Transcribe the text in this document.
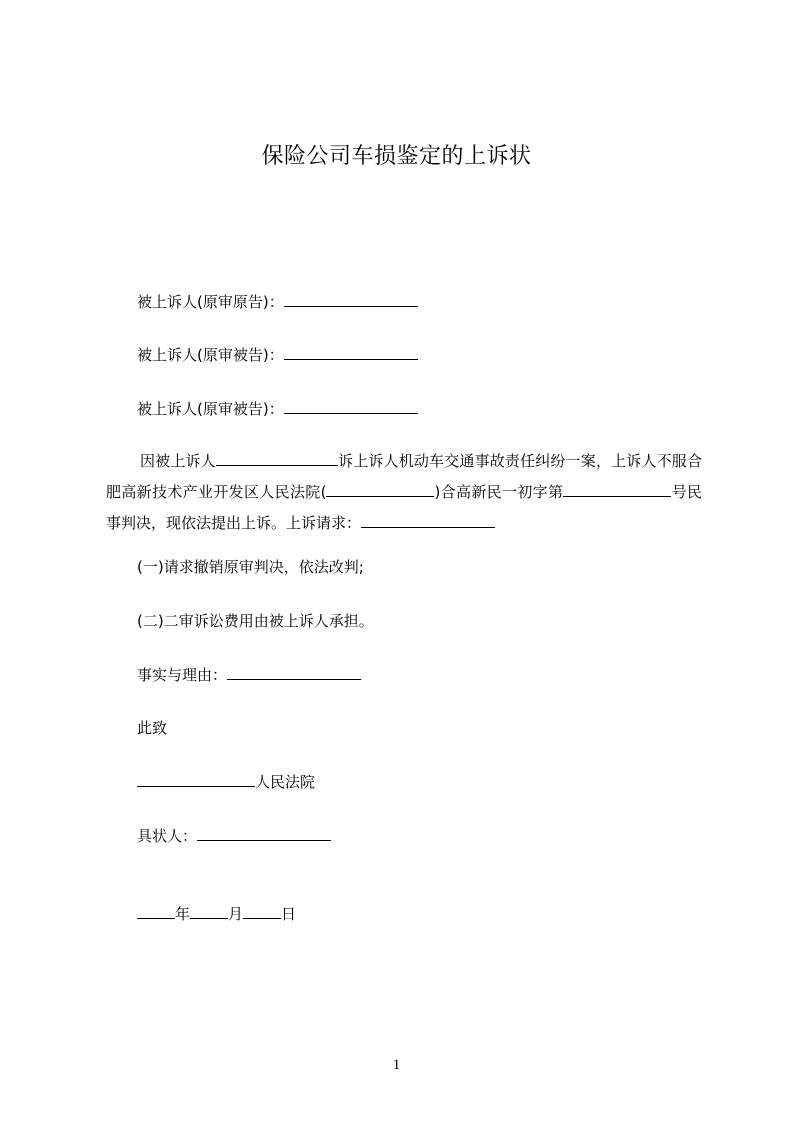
保险公司车损鉴定的上诉状
被上诉人(原审原告)：
被上诉人(原审被告)：
被上诉人(原审被告)：
因被上诉人	诉上诉人机动车交通事故责任纠纷一案，上诉人不服合肥高新技术产业开发区人民法院(	)合高新民一初字第	号民事判决，现依法提出上诉。上诉请求：
(一)请求撤销原审判决，依法改判;
(二)二审诉讼费用由被上诉人承担。
事实与理由：
此致
人民法院
具状人：
年	月	日
1
